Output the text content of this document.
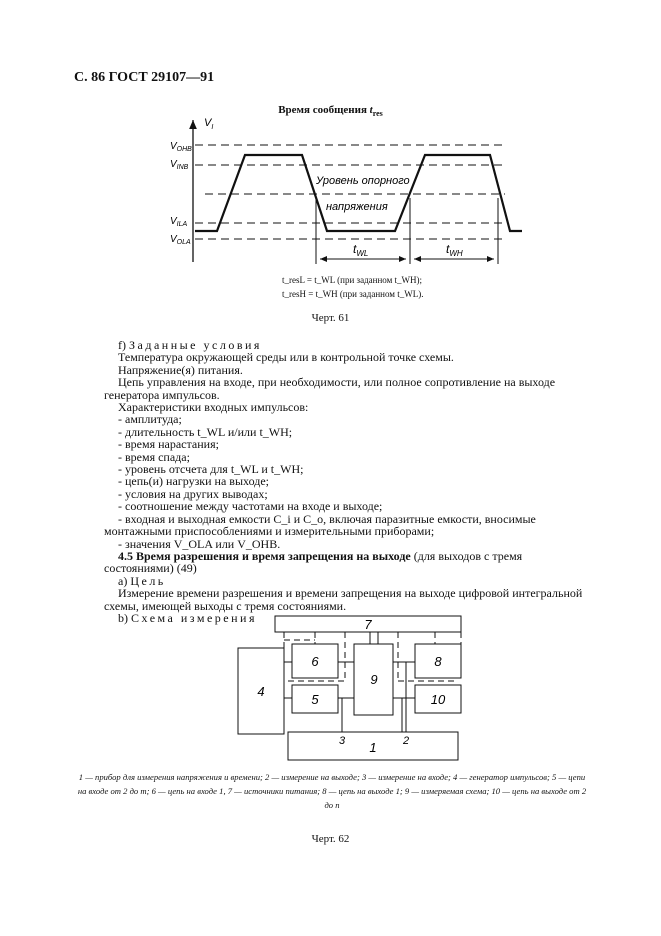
С. 86 ГОСТ 29107—91
Время сообщения $t_{res}$
$V_I$
$V_{OHB}$
$V_{INB}$
$V_{ILA}$
$V_{OLA}$
Уровень опорного
напряжения
$t_{WL}$	$t_{WH}$
t_resL = t_WL (при заданном t_WH);
t_resH = t_WH (при заданном t_WL).
Черт. 61

f) Заданные условия

Температура окружающей среды или в контрольной точке схемы.

Напряжение(я) питания.

Цепь управления на входе, при необходимости, или полное сопротивление на выходе генератора импульсов.

Характеристики входных импульсов:

- амплитуда;

- длительность t_WL и/или t_WH;

- время нарастания;

- время спада;

- уровень отсчета для t_WL и t_WH;

- цепь(и) нагрузки на выходе;

- условия на других выводах;

- соотношение между частотами на входе и выходе;

- входная и выходная емкости C_i и C_o, включая паразитные емкости, вносимые монтажными приспособлениями и измерительными приборами;

- значения V_OLA или V_OHB.

4.5 Время разрешения и время запрещения на выходе (для выходов с тремя состояниями) (49)

a) Цель

Измерение времени разрешения и времени запрещения на выходе цифровой интегральной схемы, имеющей выходы с тремя состояниями.

b) Схема измерения	7
4
6
5
9
8
10
1
3	2
1 — прибор для измерения напряжения и времени; 2 — измерение на выходе; 3 — измерение на входе; 4 — генератор импульсов; 5 — цепи на входе от 2 до m; 6 — цепь на входе 1, 7 — источники питания; 8 — цепь на выходе 1; 9 — измеряемая схема; 10 — цепь на выходе от 2 до n
Черт. 62
